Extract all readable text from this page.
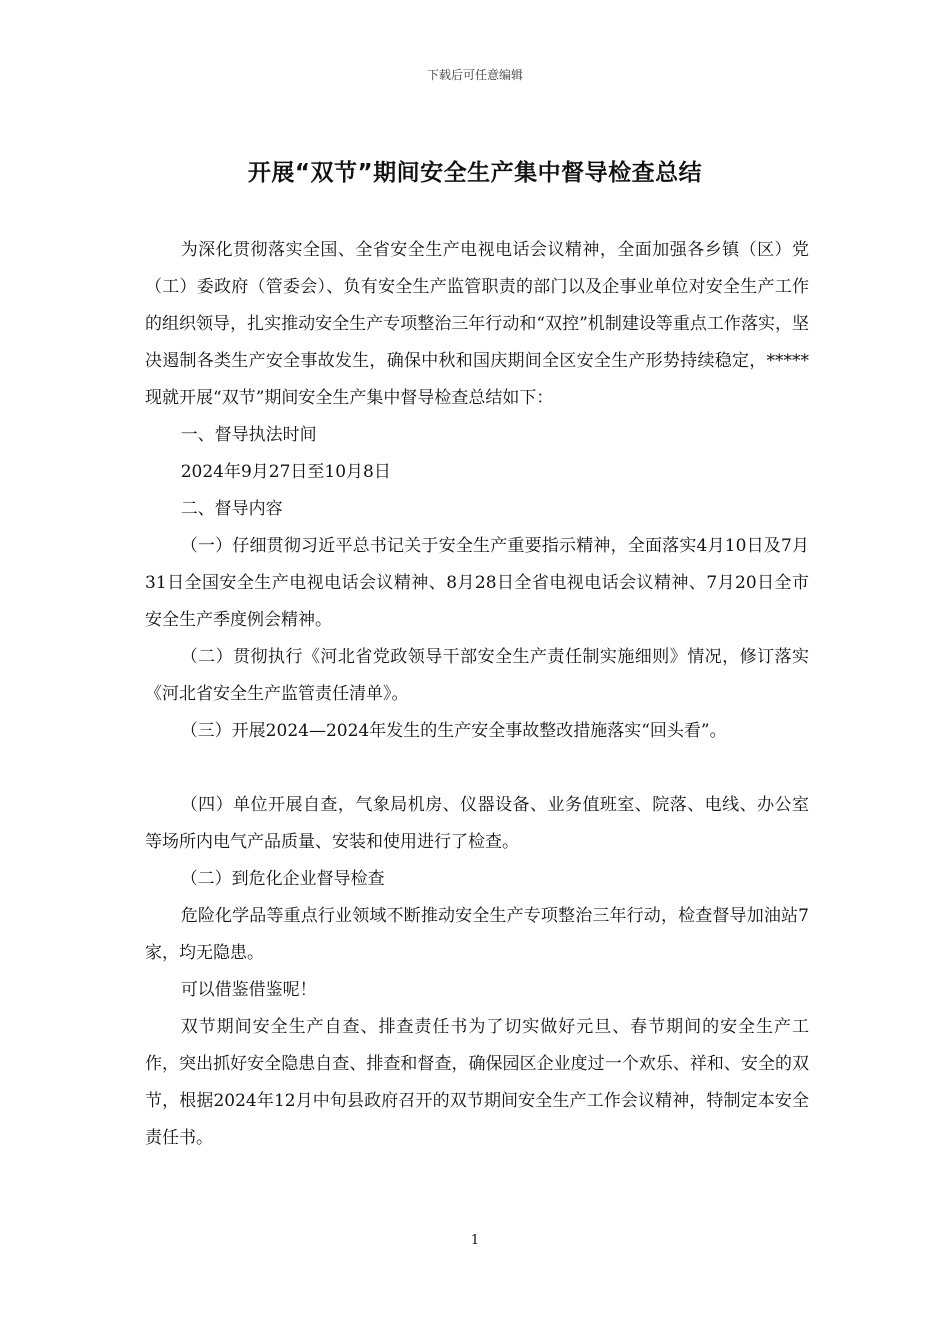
下载后可任意编辑
开展“双节”期间安全生产集中督导检查总结

为深化贯彻落实全国、全省安全生产电视电话会议精神，全面加强各乡镇（区）党（工）委政府（管委会）、负有安全生产监管职责的部门以及企事业单位对安全生产工作的组织领导，扎实推动安全生产专项整治三年行动和“双控”机制建设等重点工作落实，坚决遏制各类生产安全事故发生，确保中秋和国庆期间全区安全生产形势持续稳定，*****现就开展“双节”期间安全生产集中督导检查总结如下：

一、督导执法时间

2024年9月27日至10月8日

二、督导内容

（一）仔细贯彻习近平总书记关于安全生产重要指示精神，全面落实4月10日及7月31日全国安全生产电视电话会议精神、8月28日全省电视电话会议精神、7月20日全市安全生产季度例会精神。

（二）贯彻执行《河北省党政领导干部安全生产责任制实施细则》情况，修订落实《河北省安全生产监管责任清单》。

（三）开展2024—2024年发生的生产安全事故整改措施落实“回头看”。

（四）单位开展自查，气象局机房、仪器设备、业务值班室、院落、电线、办公室等场所内电气产品质量、安装和使用进行了检查。

（二）到危化企业督导检查

危险化学品等重点行业领域不断推动安全生产专项整治三年行动，检查督导加油站7家，均无隐患。

可以借鉴借鉴呢！

双节期间安全生产自查、排查责任书为了切实做好元旦、春节期间的安全生产工作，突出抓好安全隐患自查、排查和督查，确保园区企业度过一个欢乐、祥和、安全的双节，根据2024年12月中旬县政府召开的双节期间安全生产工作会议精神，特制定本安全责任书。

1
